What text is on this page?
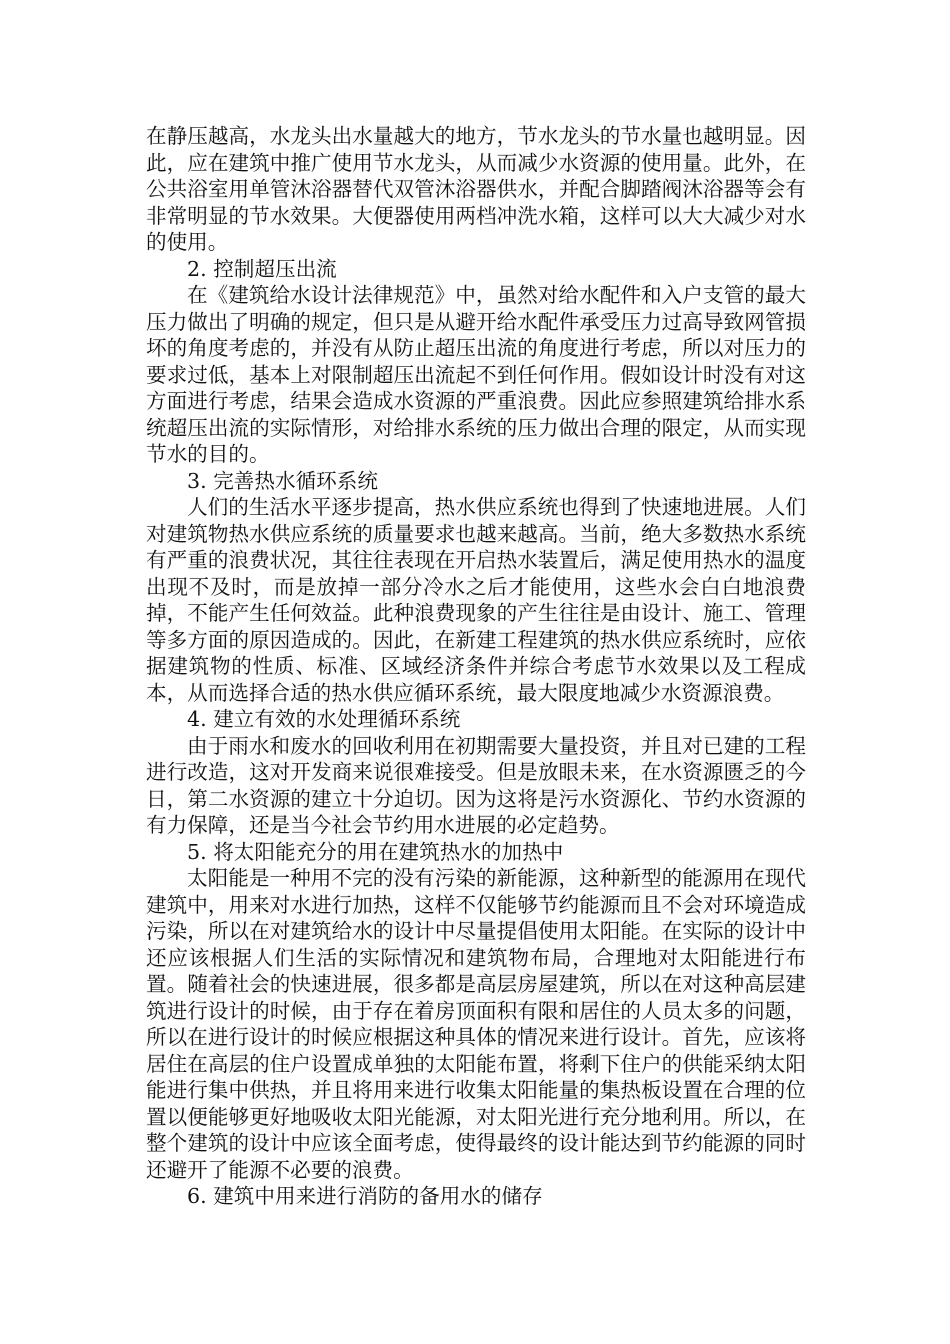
在静压越高，水龙头出水量越大的地方，节水龙头的节水量也越明显。因此，应在建筑中推广使用节水龙头，从而减少水资源的使用量。此外，在公共浴室用单管沐浴器替代双管沐浴器供水，并配合脚踏阀沐浴器等会有非常明显的节水效果。大便器使用两档冲洗水箱，这样可以大大减少对水的使用。

2. 控制超压出流

在《建筑给水设计法律规范》中，虽然对给水配件和入户支管的最大压力做出了明确的规定，但只是从避开给水配件承受压力过高导致网管损坏的角度考虑的，并没有从防止超压出流的角度进行考虑，所以对压力的要求过低，基本上对限制超压出流起不到任何作用。假如设计时没有对这方面进行考虑，结果会造成水资源的严重浪费。因此应参照建筑给排水系统超压出流的实际情形，对给排水系统的压力做出合理的限定，从而实现节水的目的。

3. 完善热水循环系统

人们的生活水平逐步提高，热水供应系统也得到了快速地进展。人们对建筑物热水供应系统的质量要求也越来越高。当前，绝大多数热水系统有严重的浪费状况，其往往表现在开启热水装置后，满足使用热水的温度出现不及时，而是放掉一部分冷水之后才能使用，这些水会白白地浪费掉，不能产生任何效益。此种浪费现象的产生往往是由设计、施工、管理等多方面的原因造成的。因此，在新建工程建筑的热水供应系统时，应依据建筑物的性质、标准、区域经济条件并综合考虑节水效果以及工程成本，从而选择合适的热水供应循环系统，最大限度地减少水资源浪费。

4. 建立有效的水处理循环系统

由于雨水和废水的回收利用在初期需要大量投资，并且对已建的工程进行改造，这对开发商来说很难接受。但是放眼未来，在水资源匮乏的今日，第二水资源的建立十分迫切。因为这将是污水资源化、节约水资源的有力保障，还是当今社会节约用水进展的必定趋势。

5. 将太阳能充分的用在建筑热水的加热中

太阳能是一种用不完的没有污染的新能源，这种新型的能源用在现代建筑中，用来对水进行加热，这样不仅能够节约能源而且不会对环境造成污染，所以在对建筑给水的设计中尽量提倡使用太阳能。在实际的设计中还应该根据人们生活的实际情况和建筑物布局，合理地对太阳能进行布置。随着社会的快速进展，很多都是高层房屋建筑，所以在对这种高层建筑进行设计的时候，由于存在着房顶面积有限和居住的人员太多的问题，所以在进行设计的时候应根据这种具体的情况来进行设计。首先，应该将居住在高层的住户设置成单独的太阳能布置，将剩下住户的供能采纳太阳能进行集中供热，并且将用来进行收集太阳能量的集热板设置在合理的位置以便能够更好地吸收太阳光能源，对太阳光进行充分地利用。所以，在整个建筑的设计中应该全面考虑，使得最终的设计能达到节约能源的同时还避开了能源不必要的浪费。

6. 建筑中用来进行消防的备用水的储存
